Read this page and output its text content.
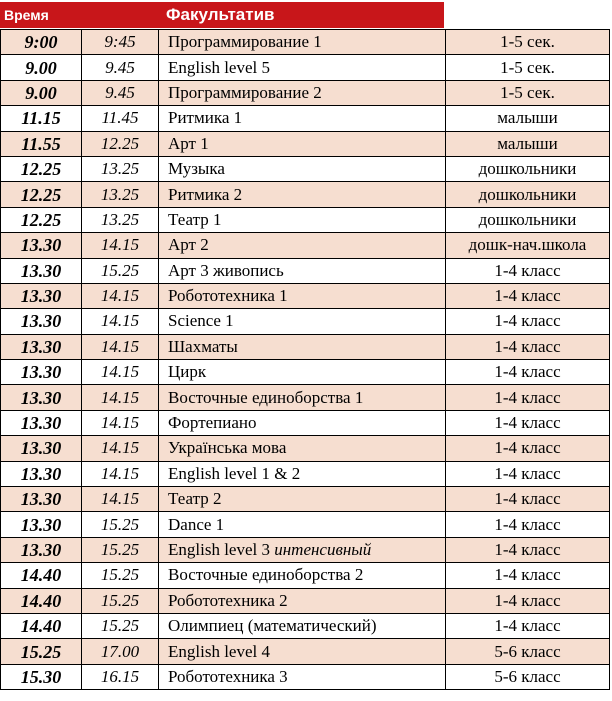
Время	Факультатив
9:00	9:45	Программирование 1	1-5 сек.
9.00	9.45	English level 5	1-5 сек.
9.00	9.45	Программирование 2	1-5 сек.
11.15	11.45	Ритмика 1	малыши
11.55	12.25	Арт 1	малыши
12.25	13.25	Музыка	дошкольники
12.25	13.25	Ритмика 2	дошкольники
12.25	13.25	Театр 1	дошкольники
13.30	14.15	Арт 2	дошк-нач.школа
13.30	15.25	Арт 3 живопись	1-4 класс
13.30	14.15	Робототехника 1	1-4 класс
13.30	14.15	Science 1	1-4 класс
13.30	14.15	Шахматы	1-4 класс
13.30	14.15	Цирк	1-4 класс
13.30	14.15	Восточные единоборства 1	1-4 класс
13.30	14.15	Фортепиано	1-4 класс
13.30	14.15	Українська мова	1-4 класс
13.30	14.15	English level 1 & 2	1-4 класс
13.30	14.15	Театр 2	1-4 класс
13.30	15.25	Dance 1	1-4 класс
13.30	15.25	English level 3 интенсивный	1-4 класс
14.40	15.25	Восточные единоборства 2	1-4 класс
14.40	15.25	Робототехника 2	1-4 класс
14.40	15.25	Олимпиец (математический)	1-4 класс
15.25	17.00	English level 4	5-6 класс
15.30	16.15	Робототехника 3	5-6 класс
